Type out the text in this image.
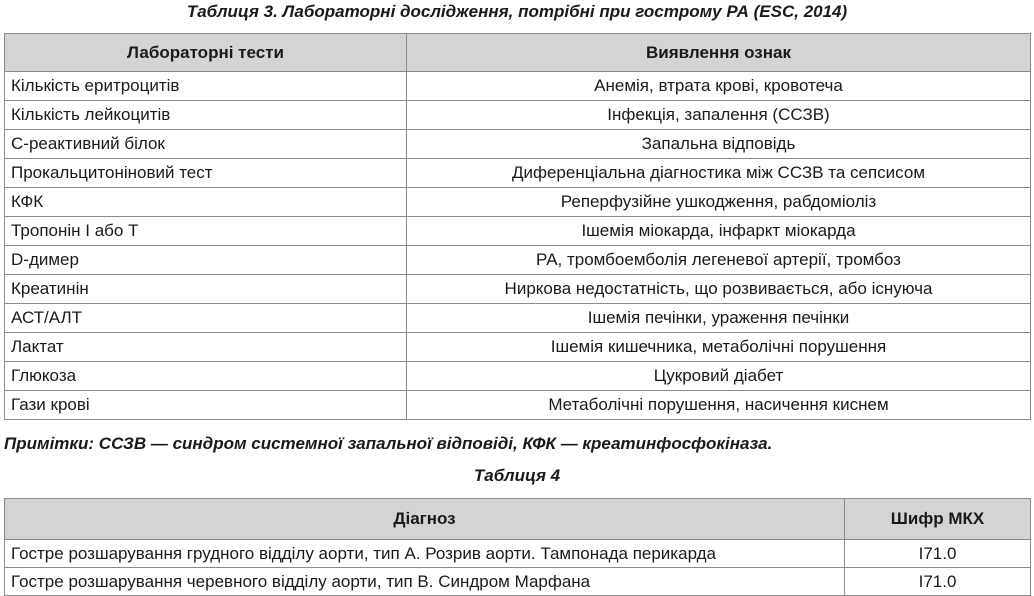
Таблиця 3. Лабораторні дослідження, потрібні при гострому РА (ESC, 2014)
Лабораторні тести	Виявлення ознак
Кількість еритроцитів	Анемія, втрата крові, кровотеча
Кількість лейкоцитів	Інфекція, запалення (ССЗВ)
С-реактивний білок	Запальна відповідь
Прокальцитоніновий тест	Диференціальна діагностика між ССЗВ та сепсисом
КФК	Реперфузійне ушкодження, рабдоміоліз
Тропонін I або T	Ішемія міокарда, інфаркт міокарда
D-димер	РА, тромбоемболія легеневої артерії, тромбоз
Креатинін	Ниркова недостатність, що розвивається, або існуюча
АСТ/АЛТ	Ішемія печінки, ураження печінки
Лактат	Ішемія кишечника, метаболічні порушення
Глюкоза	Цукровий діабет
Гази крові	Метаболічні порушення, насичення киснем
Примітки: ССЗВ — синдром системної запальної відповіді, КФК — креатинфосфокіназа.
Таблиця 4
Діагноз	Шифр МКХ
Гостре розшарування грудного відділу аорти, тип А. Розрив аорти. Тампонада перикарда	I71.0
Гостре розшарування черевного відділу аорти, тип В. Синдром Марфана	I71.0
